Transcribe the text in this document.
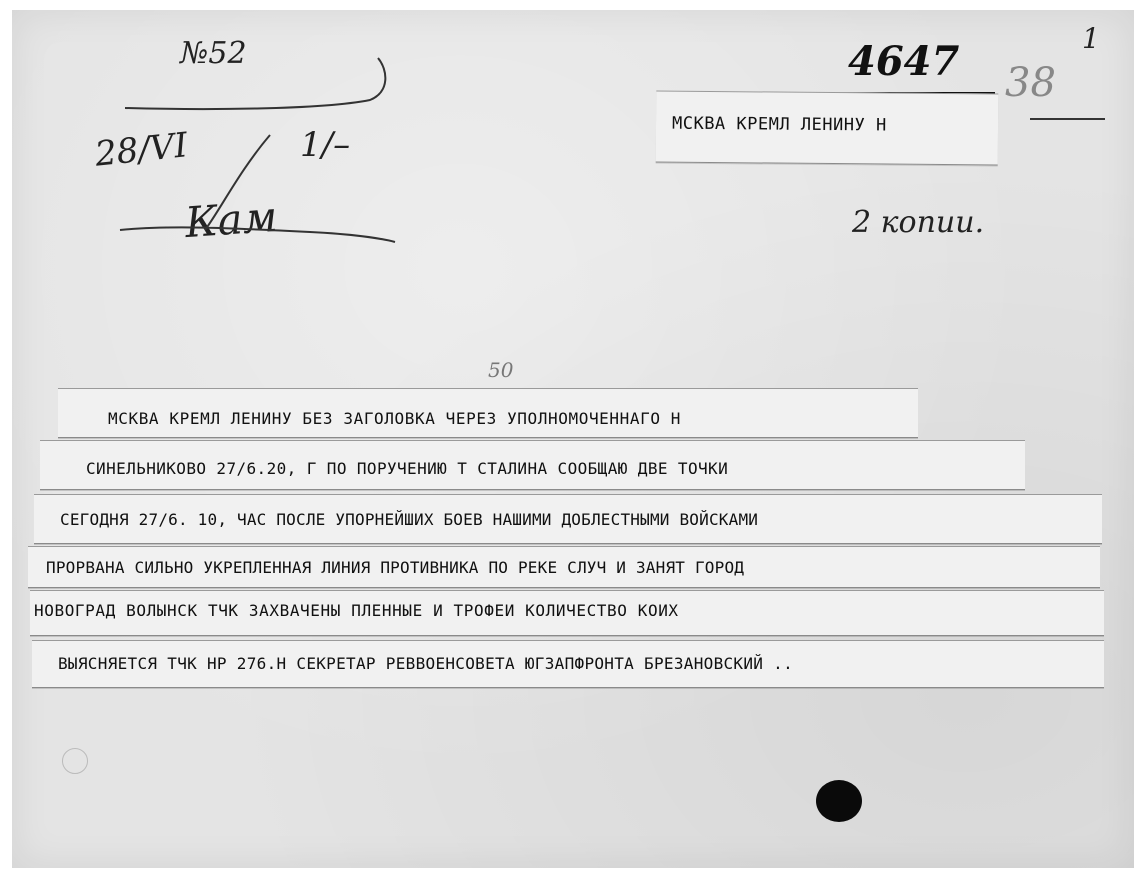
№52
28/VI	1/–
Кам
4647 38
1
МСКВА КРЕМЛ ЛЕНИНУ Н
2 копии.
50
МСКВА КРЕМЛ ЛЕНИНУ БЕЗ ЗАГОЛОВКА ЧЕРЕЗ УПОЛНОМОЧЕННАГО Н
СИНЕЛЬНИКОВО 27/6.20, Г ПО ПОРУЧЕНИЮ Т СТАЛИНА СООБЩАЮ ДВЕ ТОЧКИ
СЕГОДНЯ 27/6. 10, ЧАС ПОСЛЕ УПОРНЕЙШИХ БОЕВ НАШИМИ ДОБЛЕСТНЫМИ ВОЙСКАМИ
ПРОРВАНА СИЛЬНО УКРЕПЛЕННАЯ ЛИНИЯ ПРОТИВНИКА ПО РЕКЕ СЛУЧ И ЗАНЯТ ГОРОД
НОВОГРАД ВОЛЫНСК ТЧК ЗАХВАЧЕНЫ ПЛЕННЫЕ И ТРОФЕИ КОЛИЧЕСТВО КОИХ
ВЫЯСНЯЕТСЯ ТЧК НР 276.Н СЕКРЕТАР РЕВВОЕНСОВЕТА ЮГЗАПФРОНТА БРЕЗАНОВСКИЙ ..
